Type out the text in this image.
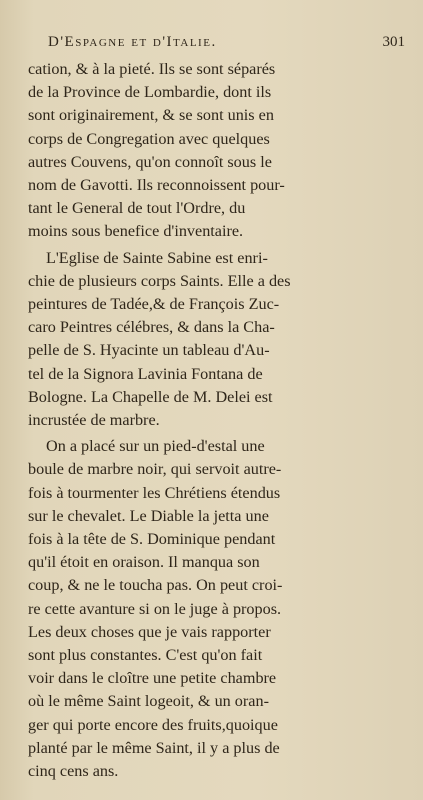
D'Espagne et d'Italie.	301
cation, & à la pieté. Ils se sont séparés
de la Province de Lombardie, dont ils
sont originairement, & se sont unis en
corps de Congregation avec quelques
autres Couvens, qu'on connoît sous le
nom de Gavotti. Ils reconnoissent pour-
tant le General de tout l'Ordre, du
moins sous benefice d'inventaire.
L'Eglise de Sainte Sabine est enri-
chie de plusieurs corps Saints. Elle a des
peintures de Tadée,& de François Zuc-
caro Peintres célébres, & dans la Cha-
pelle de S. Hyacinte un tableau d'Au-
tel de la Signora Lavinia Fontana de
Bologne. La Chapelle de M. Delei est
incrustée de marbre.
On a placé sur un pied-d'estal une
boule de marbre noir, qui servoit autre-
fois à tourmenter les Chrétiens étendus
sur le chevalet. Le Diable la jetta une
fois à la tête de S. Dominique pendant
qu'il étoit en oraison. Il manqua son
coup, & ne le toucha pas. On peut croi-
re cette avanture si on le juge à propos.
Les deux choses que je vais rapporter
sont plus constantes. C'est qu'on fait
voir dans le cloître une petite chambre
où le même Saint logeoit, & un oran-
ger qui porte encore des fruits,quoique
planté par le même Saint, il y a plus de
cinq cens ans.
